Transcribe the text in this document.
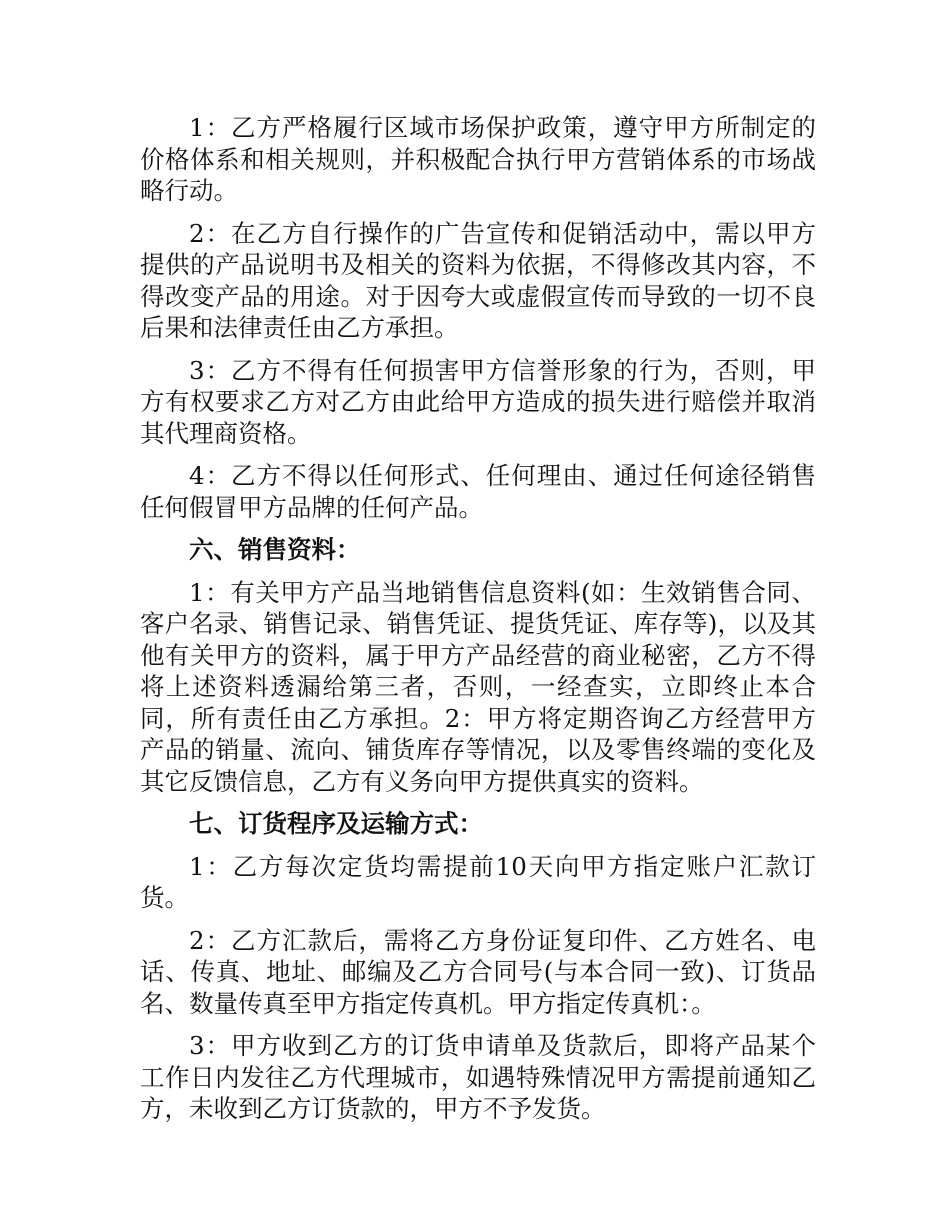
1：乙方严格履行区域市场保护政策，遵守甲方所制定的价格体系和相关规则，并积极配合执行甲方营销体系的市场战略行动。

2：在乙方自行操作的广告宣传和促销活动中，需以甲方提供的产品说明书及相关的资料为依据，不得修改其内容，不得改变产品的用途。对于因夸大或虚假宣传而导致的一切不良后果和法律责任由乙方承担。

3：乙方不得有任何损害甲方信誉形象的行为，否则，甲方有权要求乙方对乙方由此给甲方造成的损失进行赔偿并取消其代理商资格。

4：乙方不得以任何形式、任何理由、通过任何途径销售任何假冒甲方品牌的任何产品。

六、销售资料：

1：有关甲方产品当地销售信息资料(如：生效销售合同、客户名录、销售记录、销售凭证、提货凭证、库存等)，以及其他有关甲方的资料，属于甲方产品经营的商业秘密，乙方不得将上述资料透漏给第三者，否则，一经查实，立即终止本合同，所有责任由乙方承担。2：甲方将定期咨询乙方经营甲方产品的销量、流向、铺货库存等情况，以及零售终端的变化及其它反馈信息，乙方有义务向甲方提供真实的资料。

七、订货程序及运输方式：

1：乙方每次定货均需提前10天向甲方指定账户汇款订货。

2：乙方汇款后，需将乙方身份证复印件、乙方姓名、电话、传真、地址、邮编及乙方合同号(与本合同一致)、订货品名、数量传真至甲方指定传真机。甲方指定传真机：。

3：甲方收到乙方的订货申请单及货款后，即将产品某个工作日内发往乙方代理城市，如遇特殊情况甲方需提前通知乙方，未收到乙方订货款的，甲方不予发货。
